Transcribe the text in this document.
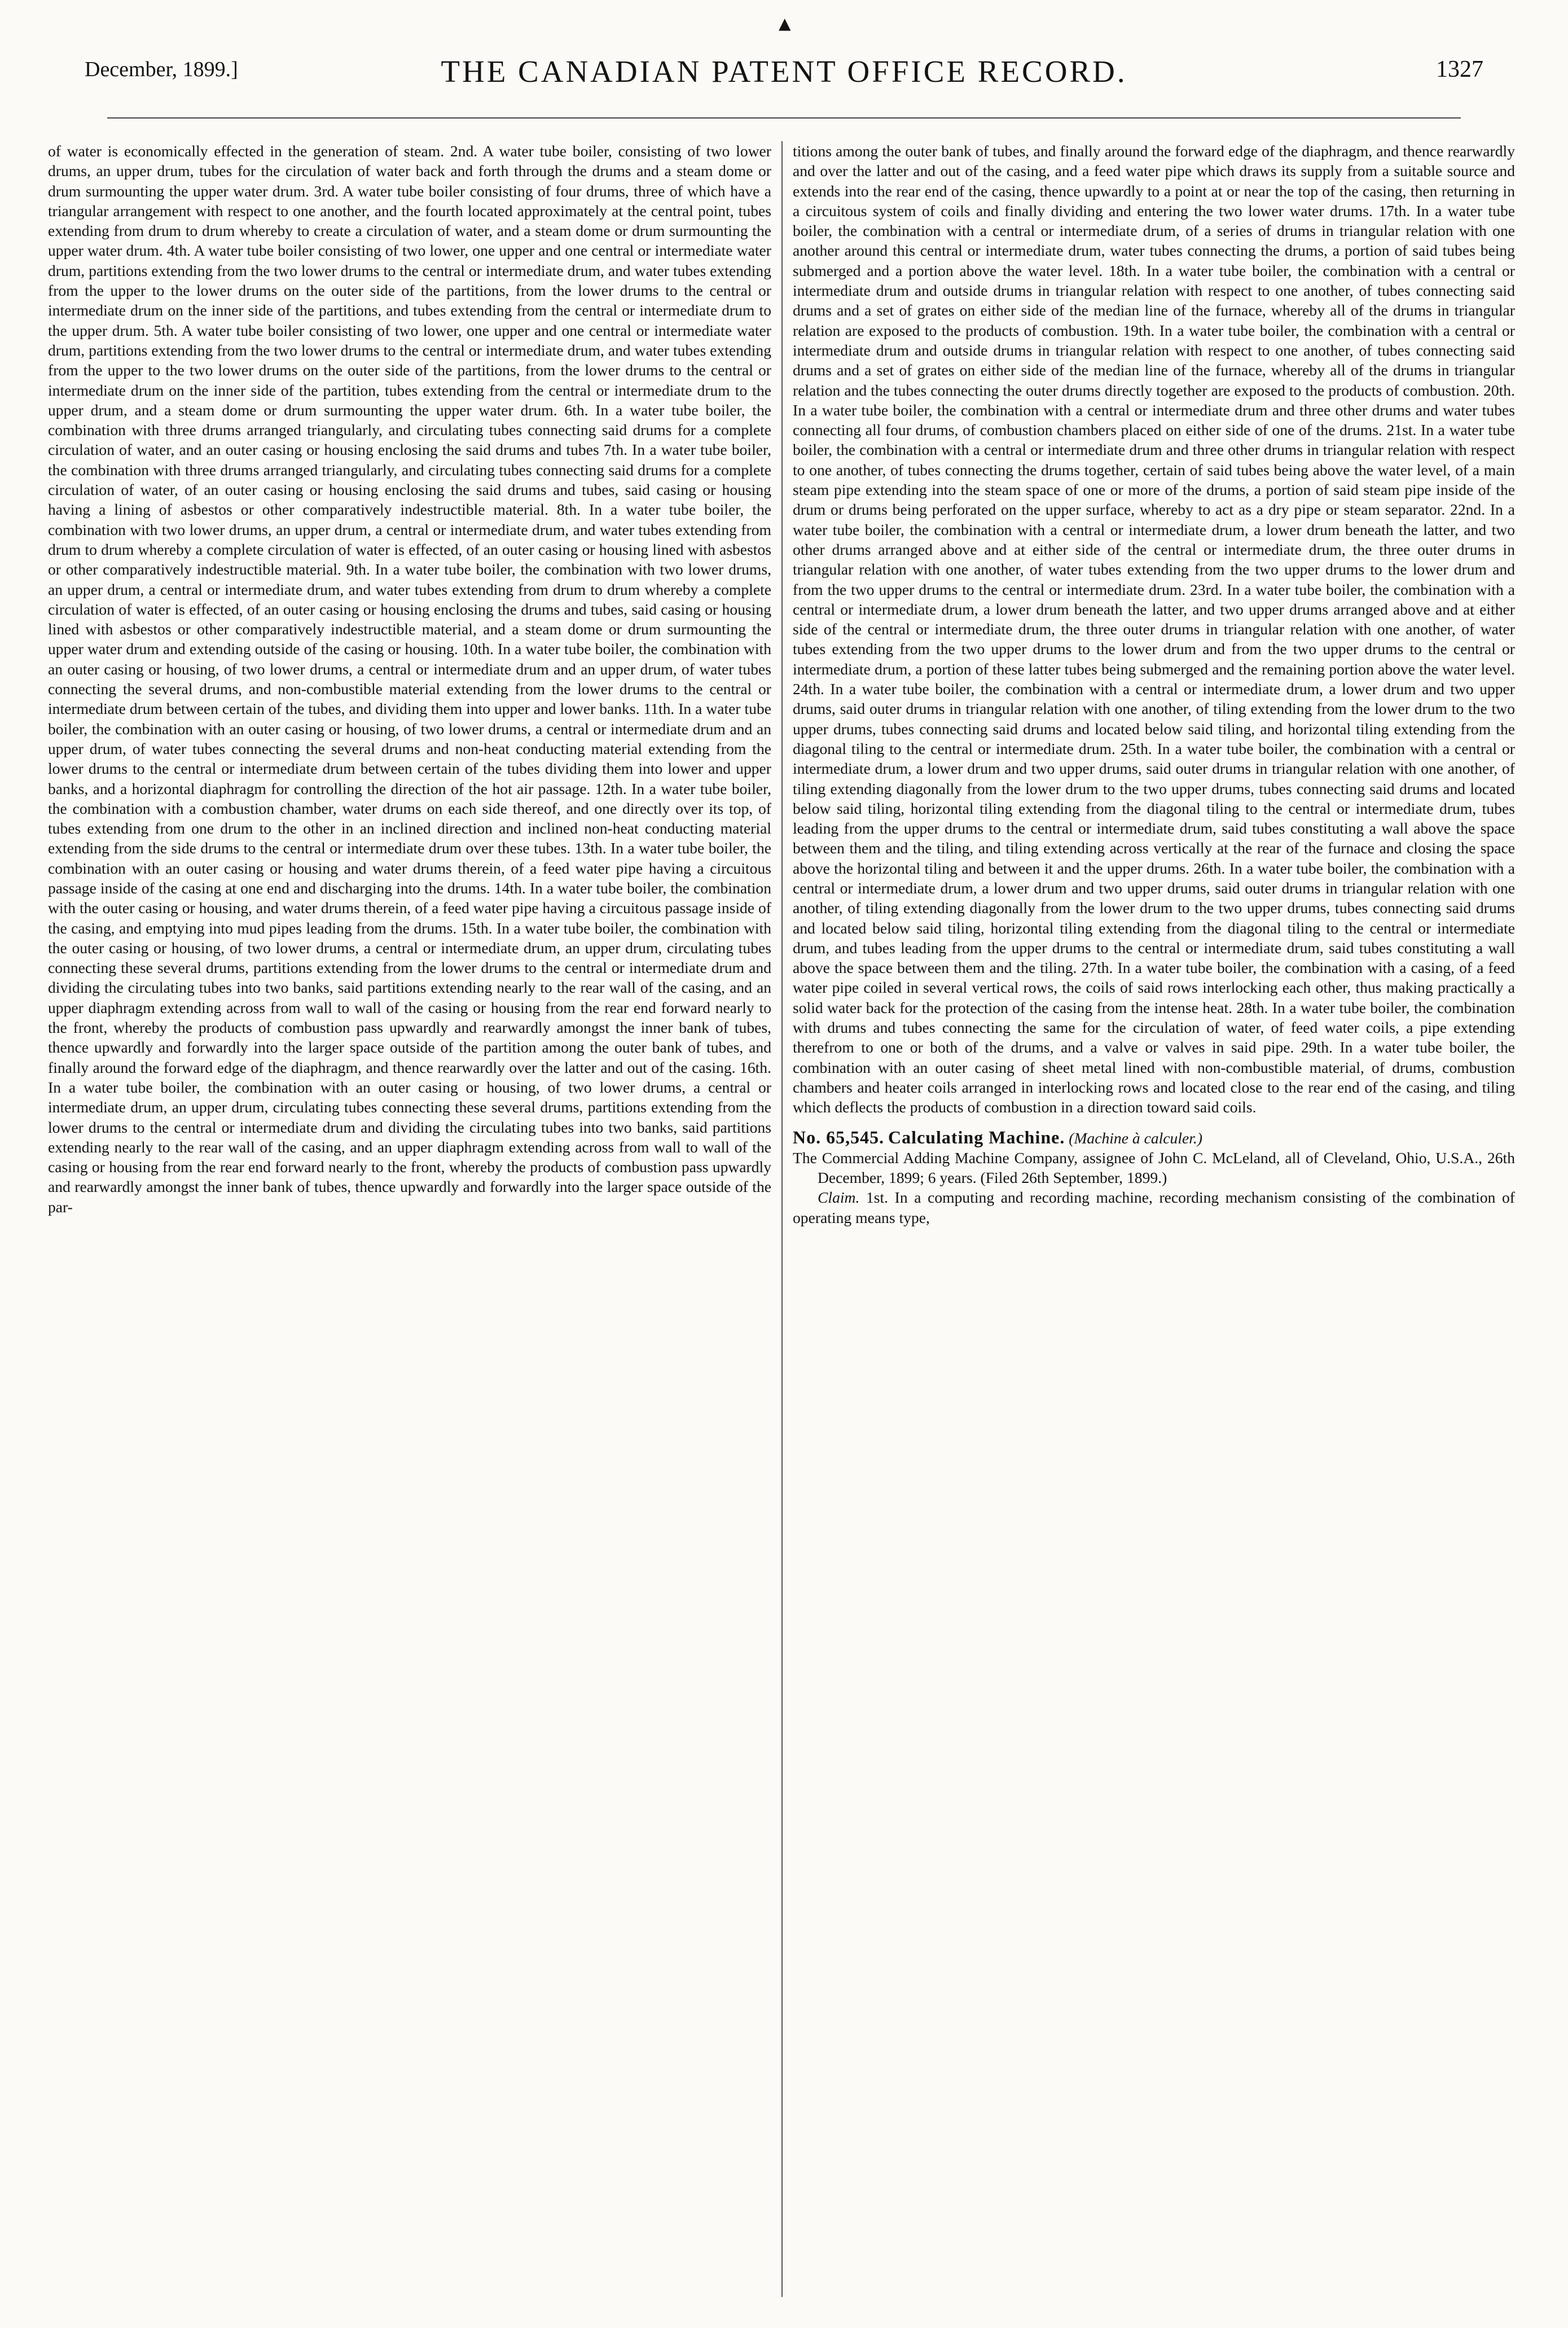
December, 1899.]	THE CANADIAN PATENT OFFICE RECORD.	1327
▲

of water is economically effected in the generation of steam. 2nd. A water tube boiler, consisting of two lower drums, an upper drum, tubes for the circulation of water back and forth through the drums and a steam dome or drum surmounting the upper water drum. 3rd. A water tube boiler consisting of four drums, three of which have a triangular arrangement with respect to one another, and the fourth located approximately at the central point, tubes extending from drum to drum whereby to create a circulation of water, and a steam dome or drum surmounting the upper water drum. 4th. A water tube boiler consisting of two lower, one upper and one central or intermediate water drum, partitions extending from the two lower drums to the central or intermediate drum, and water tubes extending from the upper to the lower drums on the outer side of the partitions, from the lower drums to the central or intermediate drum on the inner side of the partitions, and tubes extending from the central or intermediate drum to the upper drum. 5th. A water tube boiler consisting of two lower, one upper and one central or intermediate water drum, partitions extending from the two lower drums to the central or intermediate drum, and water tubes extending from the upper to the two lower drums on the outer side of the partitions, from the lower drums to the central or intermediate drum on the inner side of the partition, tubes extending from the central or intermediate drum to the upper drum, and a steam dome or drum surmounting the upper water drum. 6th. In a water tube boiler, the combination with three drums arranged triangularly, and circulating tubes connecting said drums for a complete circulation of water, and an outer casing or housing enclosing the said drums and tubes 7th. In a water tube boiler, the combination with three drums arranged triangularly, and circulating tubes connecting said drums for a complete circulation of water, of an outer casing or housing enclosing the said drums and tubes, said casing or housing having a lining of asbestos or other comparatively indestructible material. 8th. In a water tube boiler, the combination with two lower drums, an upper drum, a central or intermediate drum, and water tubes extending from drum to drum whereby a complete circulation of water is effected, of an outer casing or housing lined with asbestos or other comparatively indestructible material. 9th. In a water tube boiler, the combination with two lower drums, an upper drum, a central or intermediate drum, and water tubes extending from drum to drum whereby a complete circulation of water is effected, of an outer casing or housing enclosing the drums and tubes, said casing or housing lined with asbestos or other comparatively indestructible material, and a steam dome or drum surmounting the upper water drum and extending outside of the casing or housing. 10th. In a water tube boiler, the combination with an outer casing or housing, of two lower drums, a central or intermediate drum and an upper drum, of water tubes connecting the several drums, and non-combustible material extending from the lower drums to the central or intermediate drum between certain of the tubes, and dividing them into upper and lower banks. 11th. In a water tube boiler, the combination with an outer casing or housing, of two lower drums, a central or intermediate drum and an upper drum, of water tubes connecting the several drums and non-heat conducting material extending from the lower drums to the central or intermediate drum between certain of the tubes dividing them into lower and upper banks, and a horizontal diaphragm for controlling the direction of the hot air passage. 12th. In a water tube boiler, the combination with a combustion chamber, water drums on each side thereof, and one directly over its top, of tubes extending from one drum to the other in an inclined direction and inclined non-heat conducting material extending from the side drums to the central or intermediate drum over these tubes. 13th. In a water tube boiler, the combination with an outer casing or housing and water drums therein, of a feed water pipe having a circuitous passage inside of the casing at one end and discharging into the drums. 14th. In a water tube boiler, the combination with the outer casing or housing, and water drums therein, of a feed water pipe having a circuitous passage inside of the casing, and emptying into mud pipes leading from the drums. 15th. In a water tube boiler, the combination with the outer casing or housing, of two lower drums, a central or intermediate drum, an upper drum, circulating tubes connecting these several drums, partitions extending from the lower drums to the central or intermediate drum and dividing the circulating tubes into two banks, said partitions extending nearly to the rear wall of the casing, and an upper diaphragm extending across from wall to wall of the casing or housing from the rear end forward nearly to the front, whereby the products of combustion pass upwardly and rearwardly amongst the inner bank of tubes, thence upwardly and forwardly into the larger space outside of the partition among the outer bank of tubes, and finally around the forward edge of the diaphragm, and thence rearwardly over the latter and out of the casing. 16th. In a water tube boiler, the combination with an outer casing or housing, of two lower drums, a central or intermediate drum, an upper drum, circulating tubes connecting these several drums, partitions extending from the lower drums to the central or intermediate drum and dividing the circulating tubes into two banks, said partitions extending nearly to the rear wall of the casing, and an upper diaphragm extending across from wall to wall of the casing or housing from the rear end forward nearly to the front, whereby the products of combustion pass upwardly and rearwardly amongst the inner bank of tubes, thence upwardly and forwardly into the larger space outside of the par-

titions among the outer bank of tubes, and finally around the forward edge of the diaphragm, and thence rearwardly and over the latter and out of the casing, and a feed water pipe which draws its supply from a suitable source and extends into the rear end of the casing, thence upwardly to a point at or near the top of the casing, then returning in a circuitous system of coils and finally dividing and entering the two lower water drums. 17th. In a water tube boiler, the combination with a central or intermediate drum, of a series of drums in triangular relation with one another around this central or intermediate drum, water tubes connecting the drums, a portion of said tubes being submerged and a portion above the water level. 18th. In a water tube boiler, the combination with a central or intermediate drum and outside drums in triangular relation with respect to one another, of tubes connecting said drums and a set of grates on either side of the median line of the furnace, whereby all of the drums in triangular relation are exposed to the products of combustion. 19th. In a water tube boiler, the combination with a central or intermediate drum and outside drums in triangular relation with respect to one another, of tubes connecting said drums and a set of grates on either side of the median line of the furnace, whereby all of the drums in triangular relation and the tubes connecting the outer drums directly together are exposed to the products of combustion. 20th. In a water tube boiler, the combination with a central or intermediate drum and three other drums and water tubes connecting all four drums, of combustion chambers placed on either side of one of the drums. 21st. In a water tube boiler, the combination with a central or intermediate drum and three other drums in triangular relation with respect to one another, of tubes connecting the drums together, certain of said tubes being above the water level, of a main steam pipe extending into the steam space of one or more of the drums, a portion of said steam pipe inside of the drum or drums being perforated on the upper surface, whereby to act as a dry pipe or steam separator. 22nd. In a water tube boiler, the combination with a central or intermediate drum, a lower drum beneath the latter, and two other drums arranged above and at either side of the central or intermediate drum, the three outer drums in triangular relation with one another, of water tubes extending from the two upper drums to the lower drum and from the two upper drums to the central or intermediate drum. 23rd. In a water tube boiler, the combination with a central or intermediate drum, a lower drum beneath the latter, and two upper drums arranged above and at either side of the central or intermediate drum, the three outer drums in triangular relation with one another, of water tubes extending from the two upper drums to the lower drum and from the two upper drums to the central or intermediate drum, a portion of these latter tubes being submerged and the remaining portion above the water level. 24th. In a water tube boiler, the combination with a central or intermediate drum, a lower drum and two upper drums, said outer drums in triangular relation with one another, of tiling extending from the lower drum to the two upper drums, tubes connecting said drums and located below said tiling, and horizontal tiling extending from the diagonal tiling to the central or intermediate drum. 25th. In a water tube boiler, the combination with a central or intermediate drum, a lower drum and two upper drums, said outer drums in triangular relation with one another, of tiling extending diagonally from the lower drum to the two upper drums, tubes connecting said drums and located below said tiling, horizontal tiling extending from the diagonal tiling to the central or intermediate drum, tubes leading from the upper drums to the central or intermediate drum, said tubes constituting a wall above the space between them and the tiling, and tiling extending across vertically at the rear of the furnace and closing the space above the horizontal tiling and between it and the upper drums. 26th. In a water tube boiler, the combination with a central or intermediate drum, a lower drum and two upper drums, said outer drums in triangular relation with one another, of tiling extending diagonally from the lower drum to the two upper drums, tubes connecting said drums and located below said tiling, horizontal tiling extending from the diagonal tiling to the central or intermediate drum, and tubes leading from the upper drums to the central or intermediate drum, said tubes constituting a wall above the space between them and the tiling. 27th. In a water tube boiler, the combination with a casing, of a feed water pipe coiled in several vertical rows, the coils of said rows interlocking each other, thus making practically a solid water back for the protection of the casing from the intense heat. 28th. In a water tube boiler, the combination with drums and tubes connecting the same for the circulation of water, of feed water coils, a pipe extending therefrom to one or both of the drums, and a valve or valves in said pipe. 29th. In a water tube boiler, the combination with an outer casing of sheet metal lined with non-combustible material, of drums, combustion chambers and heater coils arranged in interlocking rows and located close to the rear end of the casing, and tiling which deflects the products of combustion in a direction toward said coils.

No. 65,545. Calculating Machine. (Machine à calculer.)

The Commercial Adding Machine Company, assignee of John C. McLeland, all of Cleveland, Ohio, U.S.A., 26th December, 1899; 6 years. (Filed 26th September, 1899.)

Claim. 1st. In a computing and recording machine, recording mechanism consisting of the combination of operating means type,
